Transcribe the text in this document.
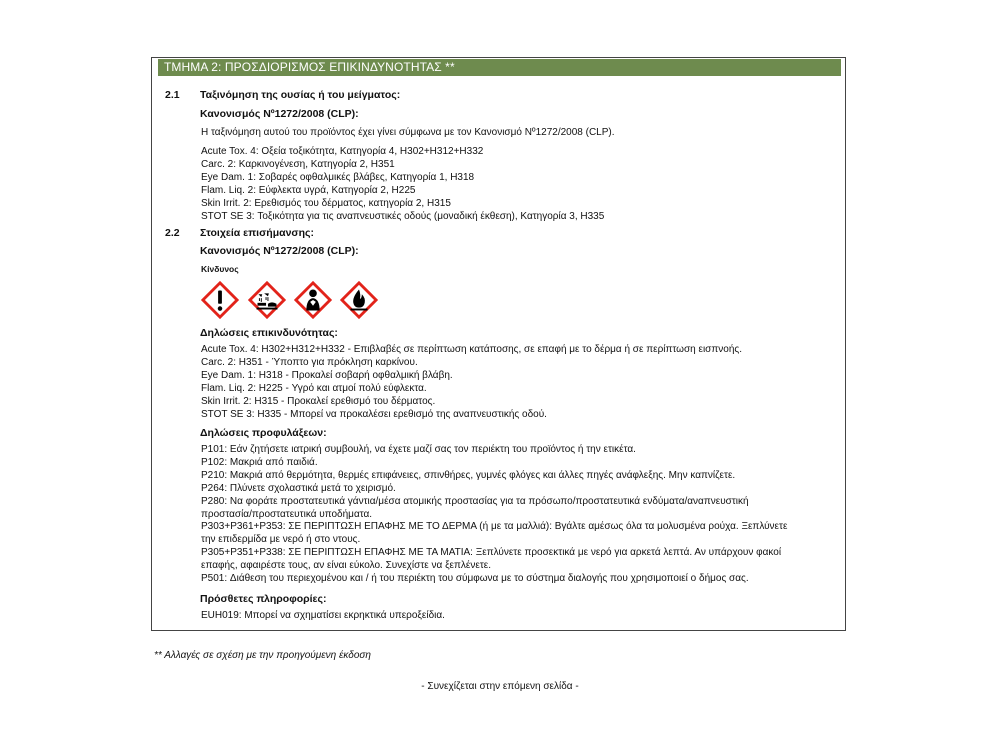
ΤΜΗΜΑ 2: ΠΡΟΣΔΙΟΡΙΣΜΟΣ ΕΠΙΚΙΝΔΥΝΟΤΗΤΑΣ **
2.1 Ταξινόμηση της ουσίας ή του μείγματος:
Κανονισμός Νº1272/2008 (CLP):
Η ταξινόμηση αυτού του προϊόντος έχει γίνει σύμφωνα με τον Κανονισμό Nº1272/2008 (CLP).
Acute Tox. 4: Οξεία τοξικότητα, Κατηγορία 4, H302+H312+H332
Carc. 2: Καρκινογένεση, Κατηγορία 2, H351
Eye Dam. 1: Σοβαρές οφθαλμικές βλάβες, Κατηγορία 1, H318
Flam. Liq. 2: Εύφλεκτα υγρά, Κατηγορία 2, H225
Skin Irrit. 2: Ερεθισμός του δέρματος, κατηγορία 2, H315
STOT SE 3: Τοξικότητα για τις αναπνευστικές οδούς (μοναδική έκθεση), Κατηγορία 3, H335
2.2 Στοιχεία επισήμανσης:
Κανονισμός Nº1272/2008 (CLP):
Κίνδυνος
Δηλώσεις επικινδυνότητας:
Acute Tox. 4: H302+H312+H332 - Επιβλαβές σε περίπτωση κατάποσης, σε επαφή με το δέρμα ή σε περίπτωση εισπνοής.
Carc. 2: H351 - Ύποπτο για πρόκληση καρκίνου.
Eye Dam. 1: H318 - Προκαλεί σοβαρή οφθαλμική βλάβη.
Flam. Liq. 2: H225 - Υγρό και ατμοί πολύ εύφλεκτα.
Skin Irrit. 2: H315 - Προκαλεί ερεθισμό του δέρματος.
STOT SE 3: H335 - Μπορεί να προκαλέσει ερεθισμό της αναπνευστικής οδού.
Δηλώσεις προφυλάξεων:
P101: Εάν ζητήσετε ιατρική συμβουλή, να έχετε μαζί σας τον περιέκτη του προϊόντος ή την ετικέτα.
P102: Μακριά από παιδιά.
P210: Μακριά από θερμότητα, θερμές επιφάνειες, σπινθήρες, γυμνές φλόγες και άλλες πηγές ανάφλεξης. Μην καπνίζετε.
P264: Πλύνετε σχολαστικά μετά το χειρισμό.
P280: Να φοράτε προστατευτικά γάντια/μέσα ατομικής προστασίας για τα πρόσωπο/προστατευτικά ενδύματα/αναπνευστική
προστασία/προστατευτικά υποδήματα.
P303+P361+P353: ΣΕ ΠΕΡΙΠΤΩΣΗ ΕΠΑΦΗΣ ΜΕ ΤΟ ΔΕΡΜΑ (ή με τα μαλλιά): Βγάλτε αμέσως όλα τα μολυσμένα ρούχα. Ξεπλύνετε
την επιδερμίδα με νερό ή στο ντους.
P305+P351+P338: ΣΕ ΠΕΡΙΠΤΩΣΗ ΕΠΑΦΗΣ ΜΕ ΤΑ ΜΑΤΙΑ: Ξεπλύνετε προσεκτικά με νερό για αρκετά λεπτά. Αν υπάρχουν φακοί
επαφής, αφαιρέστε τους, αν είναι εύκολο. Συνεχίστε να ξεπλένετε.
P501: Διάθεση του περιεχομένου και / ή του περιέκτη του σύμφωνα με το σύστημα διαλογής που χρησιμοποιεί ο δήμος σας.
Πρόσθετες πληροφορίες:
EUH019: Μπορεί να σχηματίσει εκρηκτικά υπεροξείδια.
** Αλλαγές σε σχέση με την προηγούμενη έκδοση
- Συνεχίζεται στην επόμενη σελίδα -
